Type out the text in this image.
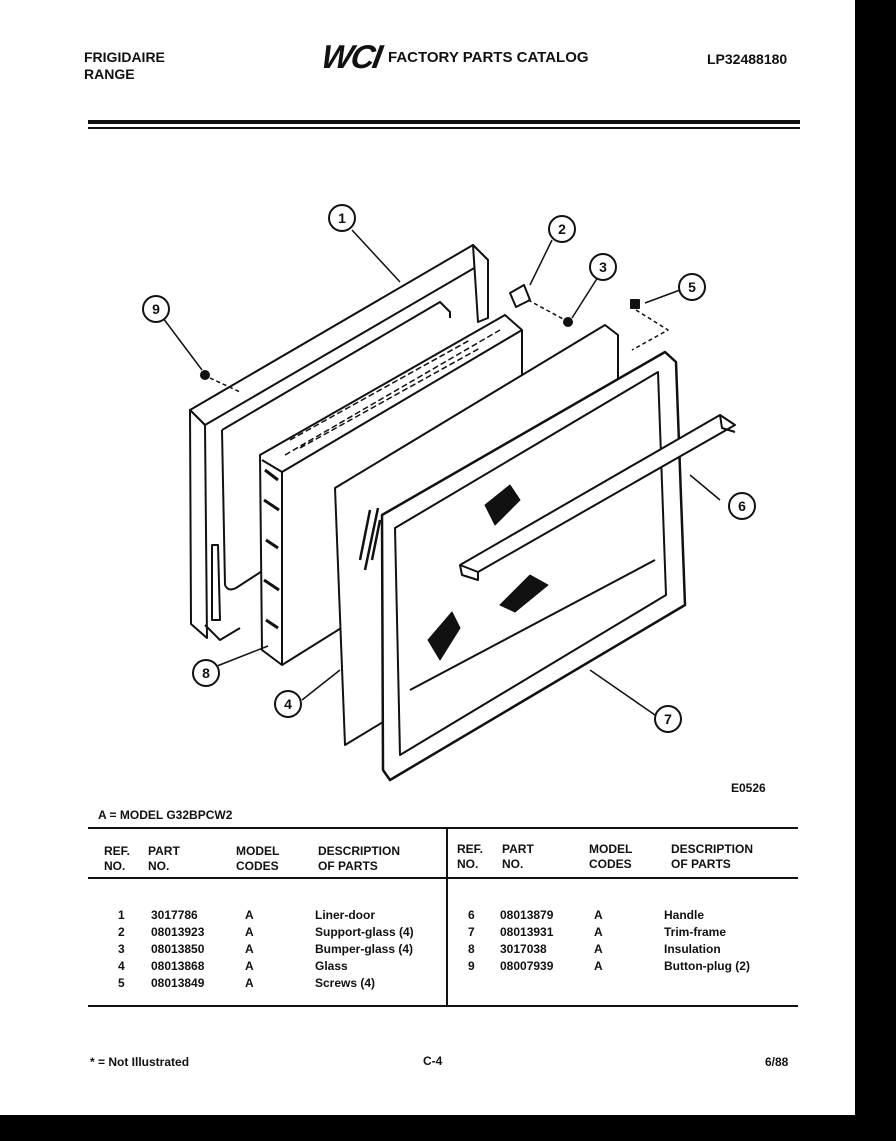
FRIGIDAIRE
RANGE	WCI FACTORY PARTS CATALOG	LP32488180
1
2
3
4
5
6
7
8
9
E0526
A = MODEL G32BPCW2
REF.
NO.
PART
NO.
MODEL
CODES
DESCRIPTION
OF PARTS
REF.
NO.
PART
NO.
MODEL
CODES
DESCRIPTION
OF PARTS
1 3017786	A	Liner-door
2 08013923	A	Support-glass (4)
3 08013850	A	Bumper-glass (4)
4 08013868	A	Glass
5 08013849	A	Screws (4)
6 08013879	A	Handle
7 08013931	A	Trim-frame
8 3017038	A	Insulation
9 08007939	A	Button-plug (2)
* = Not Illustrated	C-4	6/88
